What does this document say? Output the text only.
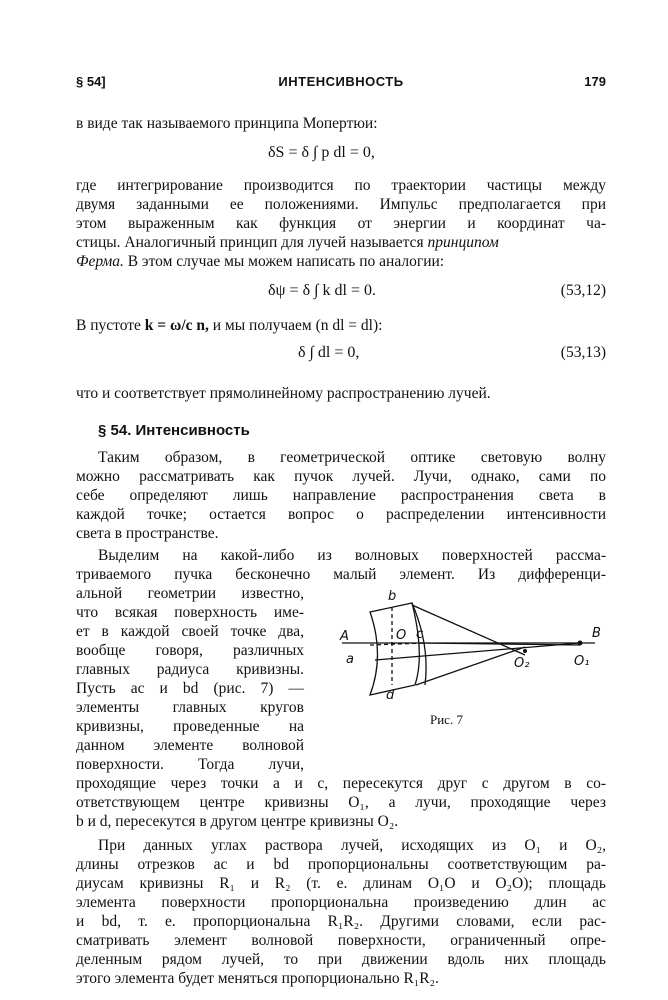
§ 54]	ИНТЕНСИВНОСТЬ	179
в виде так называемого принципа Мопертюи:
δS = δ ∫ p dl = 0,
где интегрирование производится по траектории частицы между
двумя заданными ее положениями. Импульс предполагается при
этом выраженным как функция от энергии и координат ча-
стицы. Аналогичный принцип для лучей называется принципом
Ферма. В этом случае мы можем написать по аналогии:
δψ = δ ∫ k dl = 0.	(53,12)
В пустоте k = ω/c n, и мы получаем (n dl = dl):
δ ∫ dl = 0,	(53,13)
что и соответствует прямолинейному распространению лучей.
§ 54. Интенсивность
Таким образом, в геометрической оптике световую волну
можно рассматривать как пучок лучей. Лучи, однако, сами по
себе определяют лишь направление распространения света в
каждой точке; остается вопрос о распределении интенсивности
света в пространстве.
Выделим на какой-либо из волновых поверхностей рассма-
триваемого пучка бесконечно малый элемент. Из дифференци-
альной геометрии известно,
что всякая поверхность име-
ет в каждой своей точке два,
вообще говоря, различных
главных радиуса кривизны.
Пусть ac и bd (рис. 7) —
элементы главных кругов
кривизны, проведенные на
данном элементе волновой
поверхности. Тогда лучи,
проходящие через точки a и c, пересекутся друг с другом в со-
ответствующем центре кривизны O₁, а лучи, проходящие через
b и d, пересекутся в другом центре кривизны O₂.
При данных углах раствора лучей, исходящих из O₁ и O₂,
длины отрезков ac и bd пропорциональны соответствующим ра-
диусам кривизны R₁ и R₂ (т. е. длинам O₁O и O₂O); площадь
элемента поверхности пропорциональна произведению длин ac
и bd, т. е. пропорциональна R₁R₂. Другими словами, если рас-
сматривать элемент волновой поверхности, ограниченный опре-
деленным рядом лучей, то при движении вдоль них площадь
этого элемента будет меняться пропорционально R₁R₂.
A	B
a
b
c
d
O
O₁
O₂
Рис. 7
